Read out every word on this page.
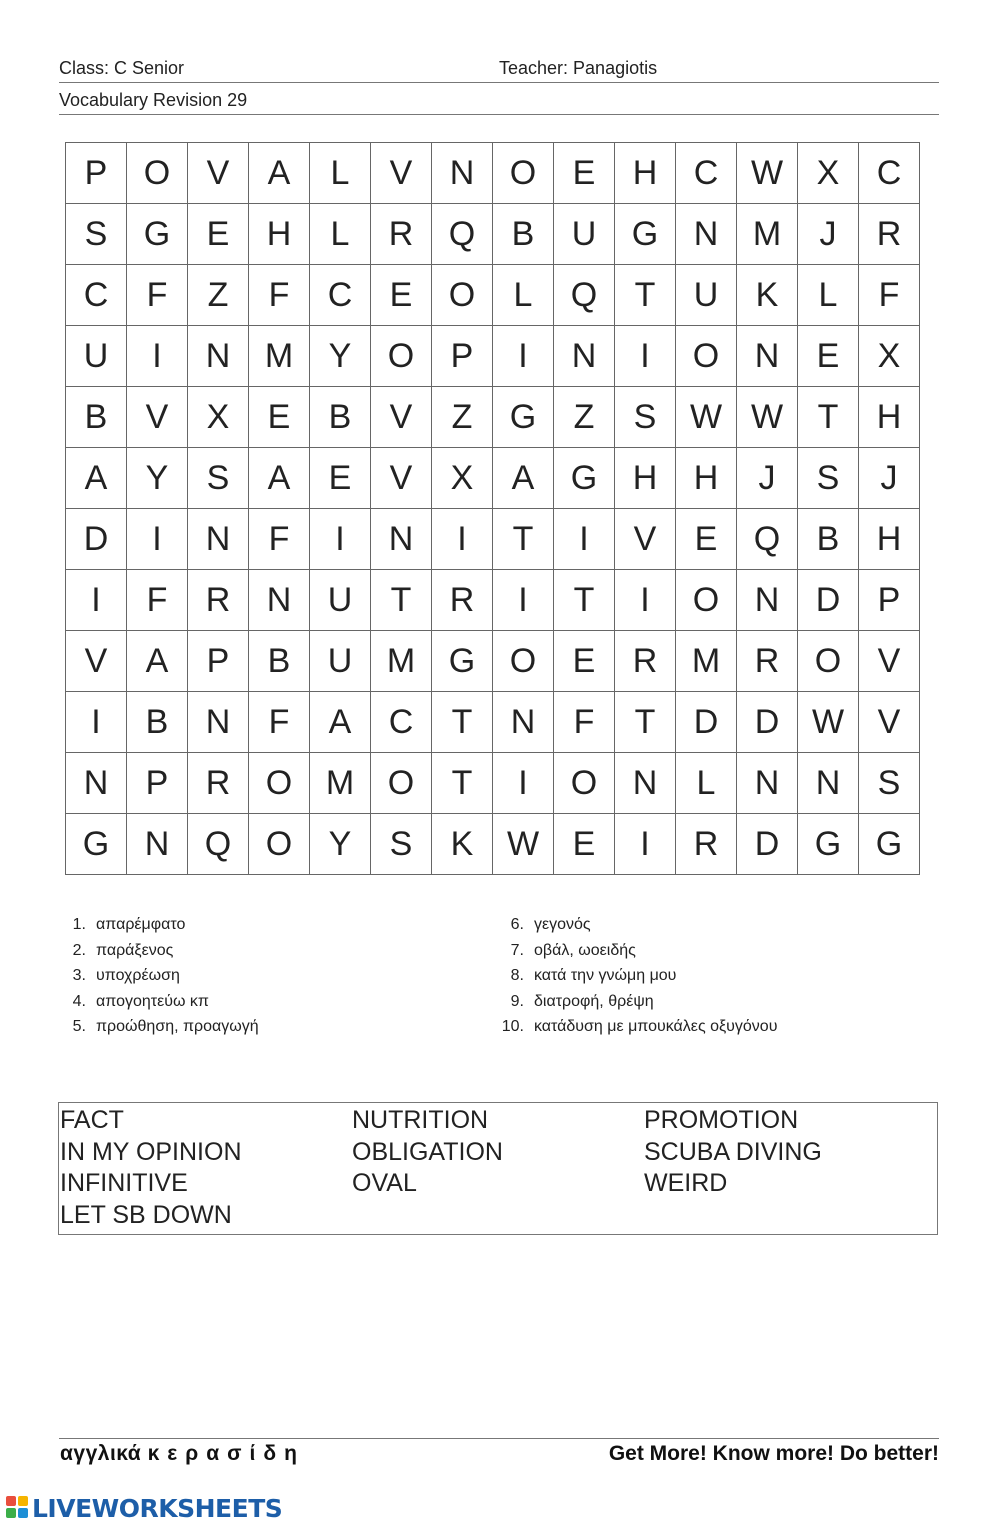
Class: C Senior	Teacher: Panagiotis
Vocabulary Revision 29
P	O	V	A	L	V	N	O	E	H	C	W	X	C
S	G	E	H	L	R	Q	B	U	G	N	M	J	R
C	F	Z	F	C	E	O	L	Q	T	U	K	L	F
U	I	N	M	Y	O	P	I	N	I	O	N	E	X
B	V	X	E	B	V	Z	G	Z	S	W	W	T	H
A	Y	S	A	E	V	X	A	G	H	H	J	S	J
D	I	N	F	I	N	I	T	I	V	E	Q	B	H
I	F	R	N	U	T	R	I	T	I	O	N	D	P
V	A	P	B	U	M	G	O	E	R	M	R	O	V
I	B	N	F	A	C	T	N	F	T	D	D	W	V
N	P	R	O	M	O	T	I	O	N	L	N	N	S
G	N	Q	O	Y	S	K	W	E	I	R	D	G	G
1. απαρέμφατο
2. παράξενος
3. υποχρέωση
4. απογοητεύω κπ
5. προώθηση, προαγωγή
6. γεγονός
7. οβάλ, ωοειδής
8. κατά την γνώμη μου
9. διατροφή, θρέψη
10. κατάδυση με μπουκάλες οξυγόνου
FACT
IN MY OPINION
INFINITIVE
LET SB DOWN
NUTRITION
OBLIGATION
OVAL
PROMOTION
SCUBA DIVING
WEIRD
αγγλικά κερασίδη	Get More! Know more! Do better!
LIVEWORKSHEETS
